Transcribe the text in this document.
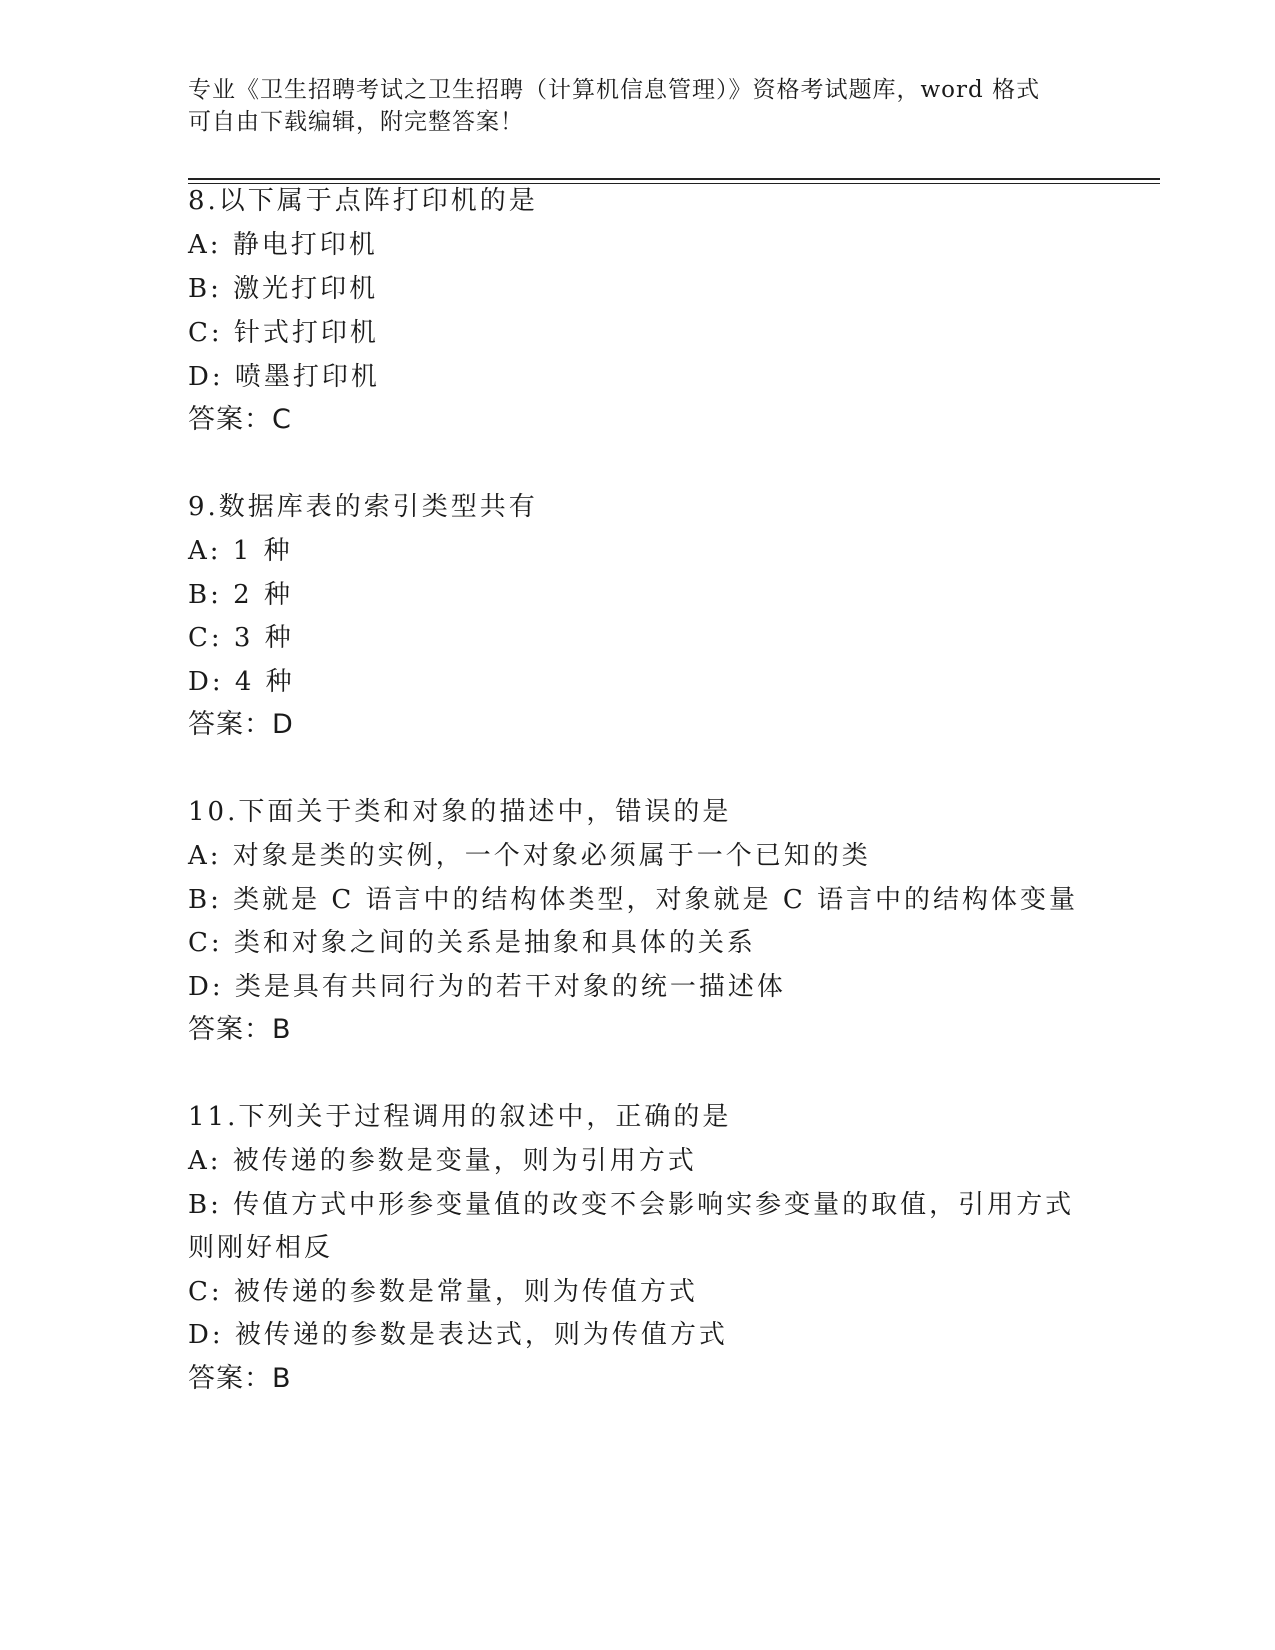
专业《卫生招聘考试之卫生招聘（计算机信息管理）》资格考试题库，word 格式
可自由下载编辑，附完整答案！
8.以下属于点阵打印机的是
A: 静电打印机
B: 激光打印机
C: 针式打印机
D: 喷墨打印机
答案：C
9.数据库表的索引类型共有
A: 1 种
B: 2 种
C: 3 种
D: 4 种
答案：D
10.下面关于类和对象的描述中，错误的是
A: 对象是类的实例，一个对象必须属于一个已知的类
B: 类就是 C 语言中的结构体类型，对象就是 C 语言中的结构体变量
C: 类和对象之间的关系是抽象和具体的关系
D: 类是具有共同行为的若干对象的统一描述体
答案：B
11.下列关于过程调用的叙述中，正确的是
A: 被传递的参数是变量，则为引用方式
B: 传值方式中形参变量值的改变不会影响实参变量的取值，引用方式
则刚好相反
C: 被传递的参数是常量，则为传值方式
D: 被传递的参数是表达式，则为传值方式
答案：B
